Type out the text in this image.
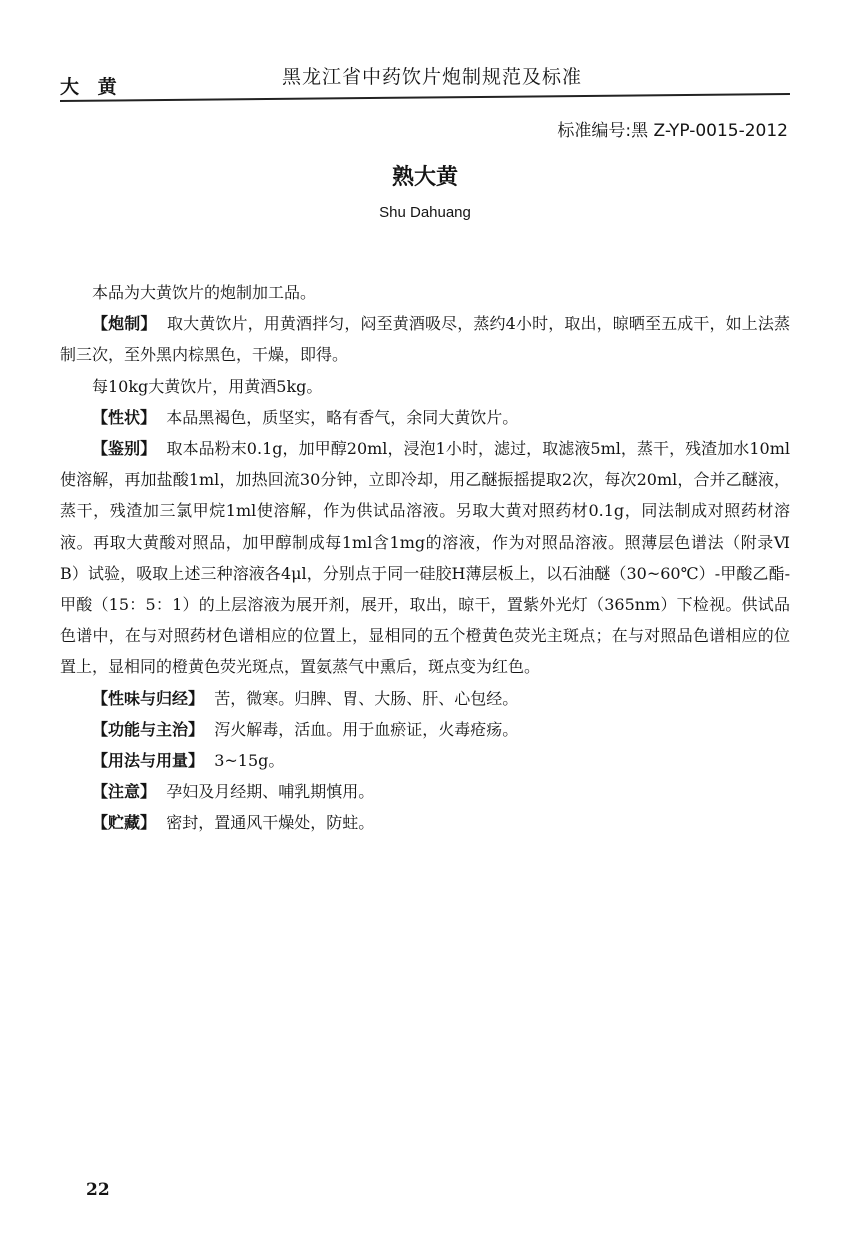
大 黄	黑龙江省中药饮片炮制规范及标准
标准编号:黑 Z-YP-0015-2012
熟大黄
Shu Dahuang

本品为大黄饮片的炮制加工品。

【炮制】 取大黄饮片，用黄酒拌匀，闷至黄酒吸尽，蒸约4小时，取出，晾晒至五成干，如上法蒸制三次，至外黑内棕黑色，干燥，即得。

每10kg大黄饮片，用黄酒5kg。

【性状】 本品黑褐色，质坚实，略有香气，余同大黄饮片。

【鉴别】 取本品粉末0.1g，加甲醇20ml，浸泡1小时，滤过，取滤液5ml，蒸干，残渣加水10ml使溶解，再加盐酸1ml，加热回流30分钟，立即冷却，用乙醚振摇提取2次，每次20ml，合并乙醚液，蒸干，残渣加三氯甲烷1ml使溶解，作为供试品溶液。另取大黄对照药材0.1g，同法制成对照药材溶液。再取大黄酸对照品，加甲醇制成每1ml含1mg的溶液，作为对照品溶液。照薄层色谱法（附录Ⅵ B）试验，吸取上述三种溶液各4μl，分别点于同一硅胶H薄层板上，以石油醚（30~60℃）-甲酸乙酯-甲酸（15：5：1）的上层溶液为展开剂，展开，取出，晾干，置紫外光灯（365nm）下检视。供试品色谱中，在与对照药材色谱相应的位置上，显相同的五个橙黄色荧光主斑点；在与对照品色谱相应的位置上，显相同的橙黄色荧光斑点，置氨蒸气中熏后，斑点变为红色。

【性味与归经】 苦，微寒。归脾、胃、大肠、肝、心包经。

【功能与主治】 泻火解毒，活血。用于血瘀证，火毒疮疡。

【用法与用量】 3~15g。

【注意】 孕妇及月经期、哺乳期慎用。

【贮藏】 密封，置通风干燥处，防蛀。

22
